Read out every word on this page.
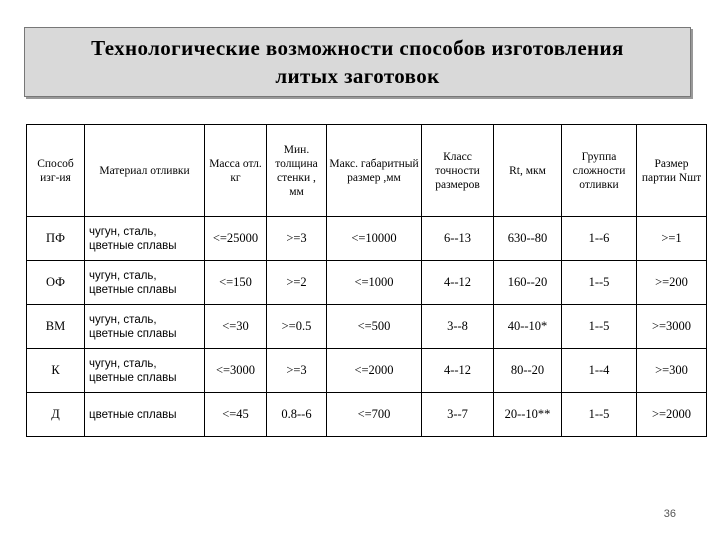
Технологические возможности способов изготовления
литых заготовок
Способ изг-ия	Материал отливки	Масса отл. кг	Мин. толщина стенки , мм	Макс. габаритный размер ,мм	Класс точности размеров	Rt, мкм	Группа сложности отливки	Размер партии Nшт
ПФ	чугун, сталь, цветные сплавы	<=25000	>=3	<=10000	6--13	630--80	1--6	>=1
ОФ	чугун, сталь, цветные сплавы	<=150	>=2	<=1000	4--12	160--20	1--5	>=200
ВМ	чугун, сталь, цветные сплавы	<=30	>=0.5	<=500	3--8	40--10*	1--5	>=3000
К	чугун, сталь, цветные сплавы	<=3000	>=3	<=2000	4--12	80--20	1--4	>=300
Д	цветные сплавы	<=45	0.8--6	<=700	3--7	20--10**	1--5	>=2000
36
